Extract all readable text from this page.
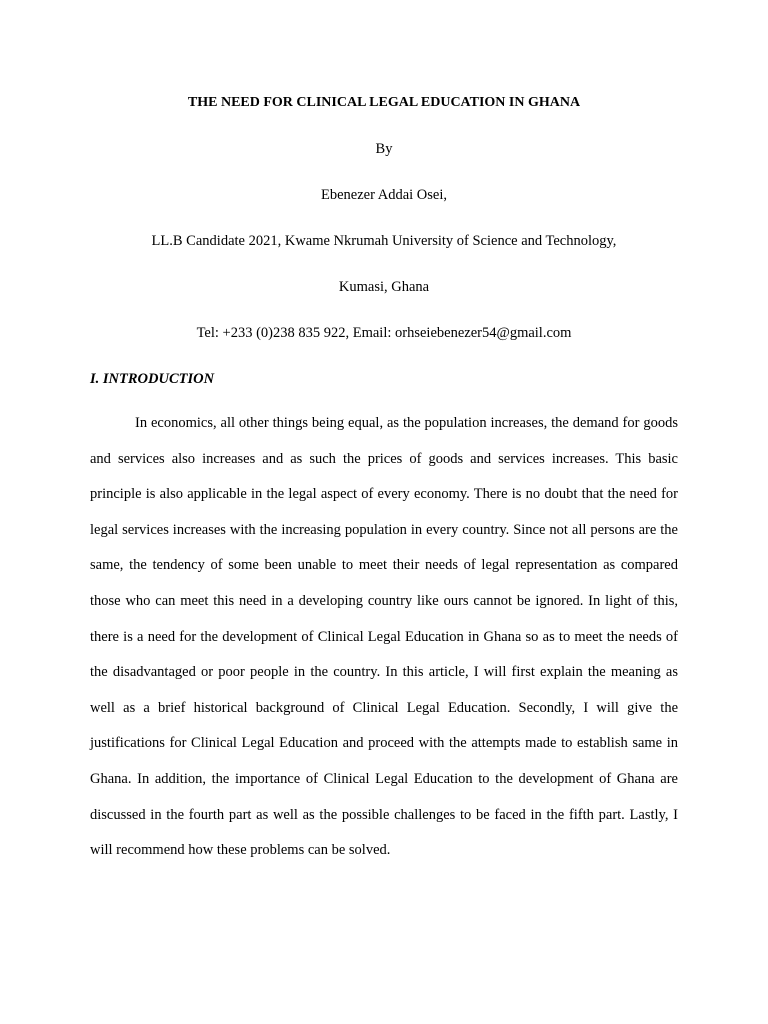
THE NEED FOR CLINICAL LEGAL EDUCATION IN GHANA
By
Ebenezer Addai Osei,
LL.B Candidate 2021, Kwame Nkrumah University of Science and Technology,
Kumasi, Ghana
Tel: +233 (0)238 835 922, Email: orhseiebenezer54@gmail.com
I. INTRODUCTION

In economics, all other things being equal, as the population increases, the demand for goods and services also increases and as such the prices of goods and services increases. This basic principle is also applicable in the legal aspect of every economy. There is no doubt that the need for legal services increases with the increasing population in every country. Since not all persons are the same, the tendency of some been unable to meet their needs of legal representation as compared those who can meet this need in a developing country like ours cannot be ignored. In light of this, there is a need for the development of Clinical Legal Education in Ghana so as to meet the needs of the disadvantaged or poor people in the country. In this article, I will first explain the meaning as well as a brief historical background of Clinical Legal Education. Secondly, I will give the justifications for Clinical Legal Education and proceed with the attempts made to establish same in Ghana. In addition, the importance of Clinical Legal Education to the development of Ghana are discussed in the fourth part as well as the possible challenges to be faced in the fifth part. Lastly, I will recommend how these problems can be solved.
